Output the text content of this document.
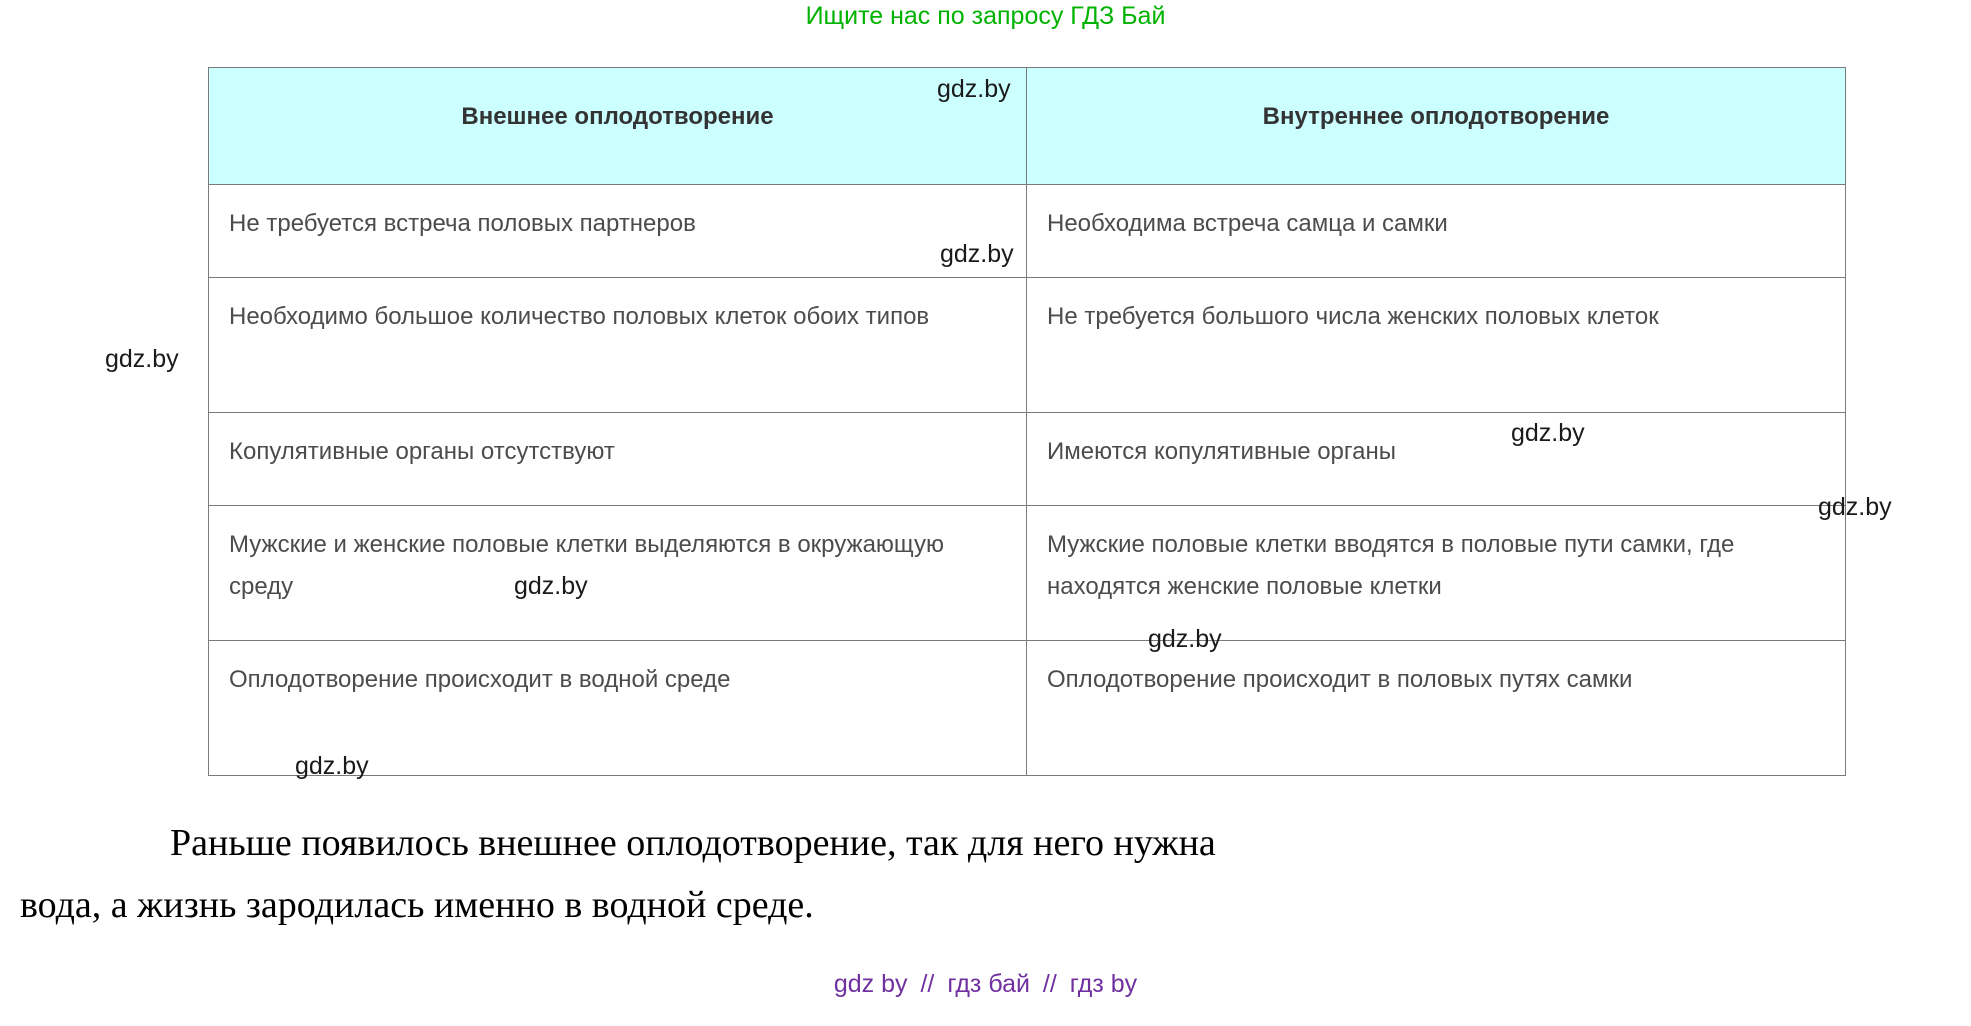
Ищите нас по запросу ГДЗ Бай
Внешнее оплодотворение	Внутреннее оплодотворение
Не требуется встреча половых партнеров	Необходима встреча самца и самки
Необходимо большое количество половых клеток обоих типов	Не требуется большого числа женских половых клеток
Копулятивные органы отсутствуют	Имеются копулятивные органы
Мужские и женские половые клетки выделяются в окружающую среду	Мужские половые клетки вводятся в половые пути самки, где находятся женские половые клетки
Оплодотворение происходит в водной среде	Оплодотворение происходит в половых путях самки
Раньше появилось внешнее оплодотворение, так для него нужна
вода, а жизнь зародилась именно в водной среде.
gdz by // гдз бай // гдз by
gdz.by
gdz.by
gdz.by
gdz.by
gdz.by
gdz.by
gdz.by
gdz.by
